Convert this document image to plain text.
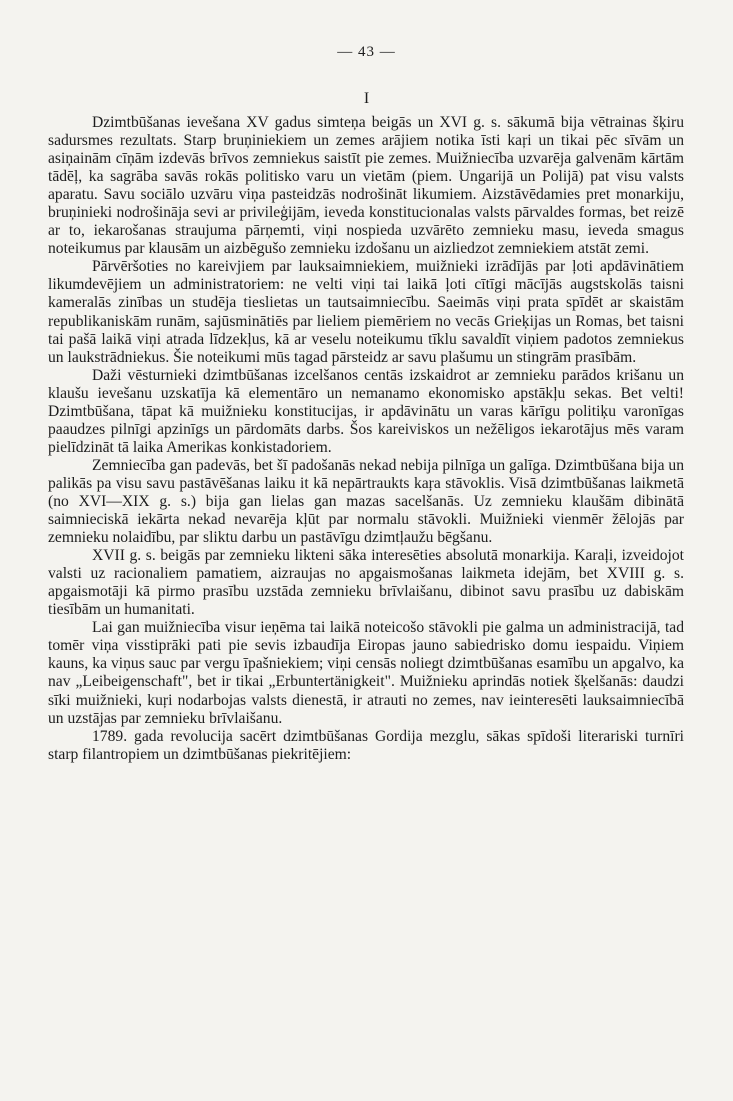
— 43 —
I

Dzimtbūšanas ievešana XV gadus simteņa beigās un XVI g. s. sākumā bija vētrainas šķiru sadursmes rezultats. Starp bruņiniekiem un zemes arājiem notika īsti kaŗi un tikai pēc sīvām un asiņainām cīņām izdevās brīvos zemniekus saistīt pie zemes. Muižniecība uzvarēja galvenām kārtām tādēļ, ka sagrāba savās rokās politisko varu un vietām (piem. Ungarijā un Polijā) pat visu valsts aparatu. Savu sociālo uzvāru viņa pasteidzās nodrošināt likumiem. Aizstāvēdamies pret monarkiju, bruņinieki nodrošināja sevi ar privileģijām, ieveda konstitucionalas valsts pārvaldes formas, bet reizē ar to, iekarošanas straujuma pārņemti, viņi nospieda uzvārēto zemnieku masu, ieveda smagus noteikumus par klausām un aizbēgušo zemnieku izdošanu un aizliedzot zemniekiem atstāt zemi.

Pārvēršoties no kareivjiem par lauksaimniekiem, muižnieki izrādījās par ļoti apdāvinātiem likumdevējiem un administratoriem: ne velti viņi tai laikā ļoti cītīgi mācījās augstskolās taisni kameralās zinības un studēja tieslietas un tautsaimniecību. Saeimās viņi prata spīdēt ar skaistām republikaniskām runām, sajūsminātiēs par lieliem piemēriem no vecās Grieķijas un Romas, bet taisni tai pašā laikā viņi atrada līdzekļus, kā ar veselu noteikumu tīklu savaldīt viņiem padotos zemniekus un laukstrādniekus. Šie noteikumi mūs tagad pārsteidz ar savu plašumu un stingrām prasībām.

Daži vēsturnieki dzimtbūšanas izcelšanos centās izskaidrot ar zemnieku parādos krišanu un klaušu ievešanu uzskatīja kā elementāro un nemanamo ekonomisko apstākļu sekas. Bet velti! Dzimtbūšana, tāpat kā muižnieku konstitucijas, ir apdāvinātu un varas kārīgu politiķu varonīgas paaudzes pilnīgi apzinīgs un pārdomāts darbs. Šos kareiviskos un nežēligos iekarotājus mēs varam pielīdzināt tā laika Amerikas konkistadoriem.

Zemniecība gan padevās, bet šī padošanās nekad nebija pilnīga un galīga. Dzimtbūšana bija un palikās pa visu savu pastāvēšanas laiku it kā nepārtraukts kaŗa stāvoklis. Visā dzimtbūšanas laikmetā (no XVI—XIX g. s.) bija gan lielas gan mazas sacelšanās. Uz zemnieku klaušām dibinātā saimnieciskā iekārta nekad nevarēja kļūt par normalu stāvokli. Muižnieki vienmēr žēlojās par zemnieku nolaidību, par sliktu darbu un pastāvīgu dzimtļaužu bēgšanu.

XVII g. s. beigās par zemnieku likteni sāka interesēties absolutā monarkija. Karaļi, izveidojot valsti uz racionaliem pamatiem, aizraujas no apgaismošanas laikmeta idejām, bet XVIII g. s. apgaismotāji kā pirmo prasību uzstāda zemnieku brīvlaišanu, dibinot savu prasību uz dabiskām tiesībām un humanitati.

Lai gan muižniecība visur ieņēma tai laikā noteicošo stāvokli pie galma un administracijā, tad tomēr viņa visstiprāki pati pie sevis izbaudīja Eiropas jauno sabiedrisko domu iespaidu. Viņiem kauns, ka viņus sauc par vergu īpašniekiem; viņi censās noliegt dzimtbūšanas esamību un apgalvo, ka nav „Leibeigenschaft", bet ir tikai „Erbuntertänigkeit". Muižnieku aprindās notiek šķelšanās: daudzi sīki muižnieki, kuŗi nodarbojas valsts dienestā, ir atrauti no zemes, nav ieinteresēti lauksaimniecībā un uzstājas par zemnieku brīvlaišanu.

1789. gada revolucija sacērt dzimtbūšanas Gordija mezglu, sākas spīdoši literariski turnīri starp filantropiem un dzimtbūšanas piekritējiem:
